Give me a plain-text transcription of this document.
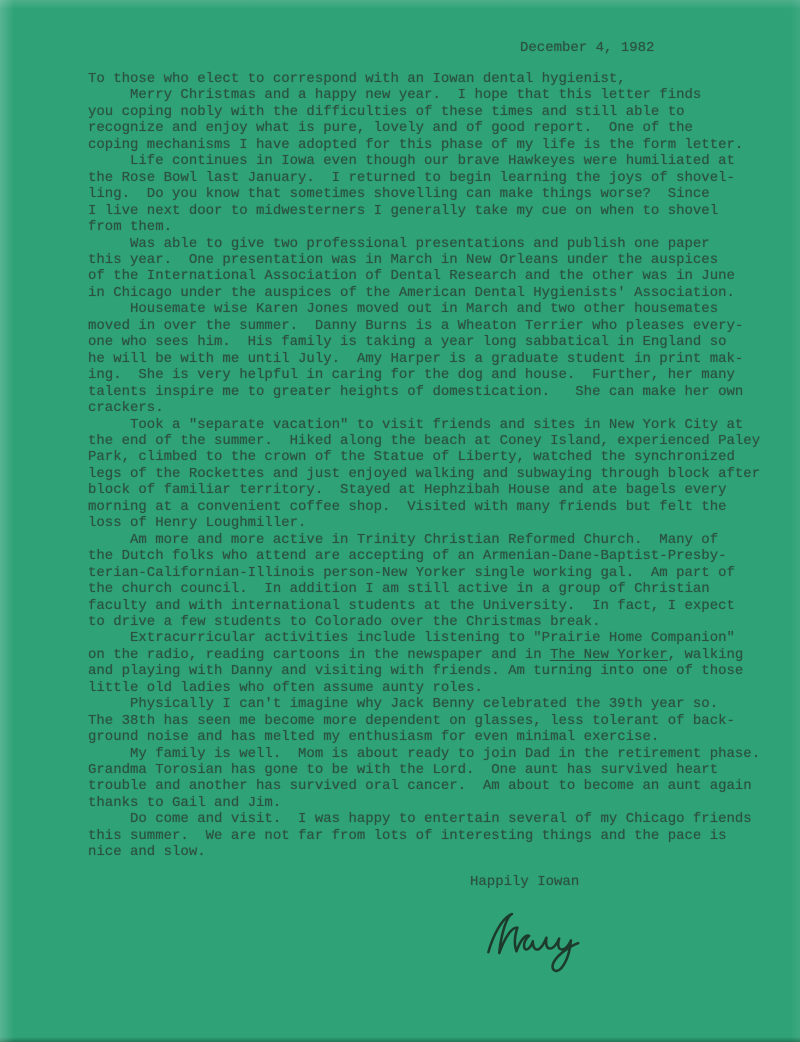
December 4, 1982
To those who elect to correspond with an Iowan dental hygienist,
Merry Christmas and a happy new year.  I hope that this letter finds
you coping nobly with the difficulties of these times and still able to
recognize and enjoy what is pure, lovely and of good report.  One of the
coping mechanisms I have adopted for this phase of my life is the form letter.
Life continues in Iowa even though our brave Hawkeyes were humiliated at
the Rose Bowl last January.  I returned to begin learning the joys of shovel-
ling.  Do you know that sometimes shovelling can make things worse?  Since
I live next door to midwesterners I generally take my cue on when to shovel
from them.
Was able to give two professional presentations and publish one paper
this year.  One presentation was in March in New Orleans under the auspices
of the International Association of Dental Research and the other was in June
in Chicago under the auspices of the American Dental Hygienists' Association.
Housemate wise Karen Jones moved out in March and two other housemates
moved in over the summer.  Danny Burns is a Wheaton Terrier who pleases every-
one who sees him.  His family is taking a year long sabbatical in England so
he will be with me until July.  Amy Harper is a graduate student in print mak-
ing.  She is very helpful in caring for the dog and house.  Further, her many
talents inspire me to greater heights of domestication.   She can make her own
crackers.
Took a "separate vacation" to visit friends and sites in New York City at
the end of the summer.  Hiked along the beach at Coney Island, experienced Paley
Park, climbed to the crown of the Statue of Liberty, watched the synchronized
legs of the Rockettes and just enjoyed walking and subwaying through block after
block of familiar territory.  Stayed at Hephzibah House and ate bagels every
morning at a convenient coffee shop.  Visited with many friends but felt the
loss of Henry Loughmiller.
Am more and more active in Trinity Christian Reformed Church.  Many of
the Dutch folks who attend are accepting of an Armenian-Dane-Baptist-Presby-
terian-Californian-Illinois person-New Yorker single working gal.  Am part of
the church council.  In addition I am still active in a group of Christian
faculty and with international students at the University.  In fact, I expect
to drive a few students to Colorado over the Christmas break.
Extracurricular activities include listening to "Prairie Home Companion"
on the radio, reading cartoons in the newspaper and in The New Yorker, walking
and playing with Danny and visiting with friends. Am turning into one of those
little old ladies who often assume aunty roles.
Physically I can't imagine why Jack Benny celebrated the 39th year so.
The 38th has seen me become more dependent on glasses, less tolerant of back-
ground noise and has melted my enthusiasm for even minimal exercise.
My family is well.  Mom is about ready to join Dad in the retirement phase.
Grandma Torosian has gone to be with the Lord.  One aunt has survived heart
trouble and another has survived oral cancer.  Am about to become an aunt again
thanks to Gail and Jim.
Do come and visit.  I was happy to entertain several of my Chicago friends
this summer.  We are not far from lots of interesting things and the pace is
nice and slow.
Happily Iowan
